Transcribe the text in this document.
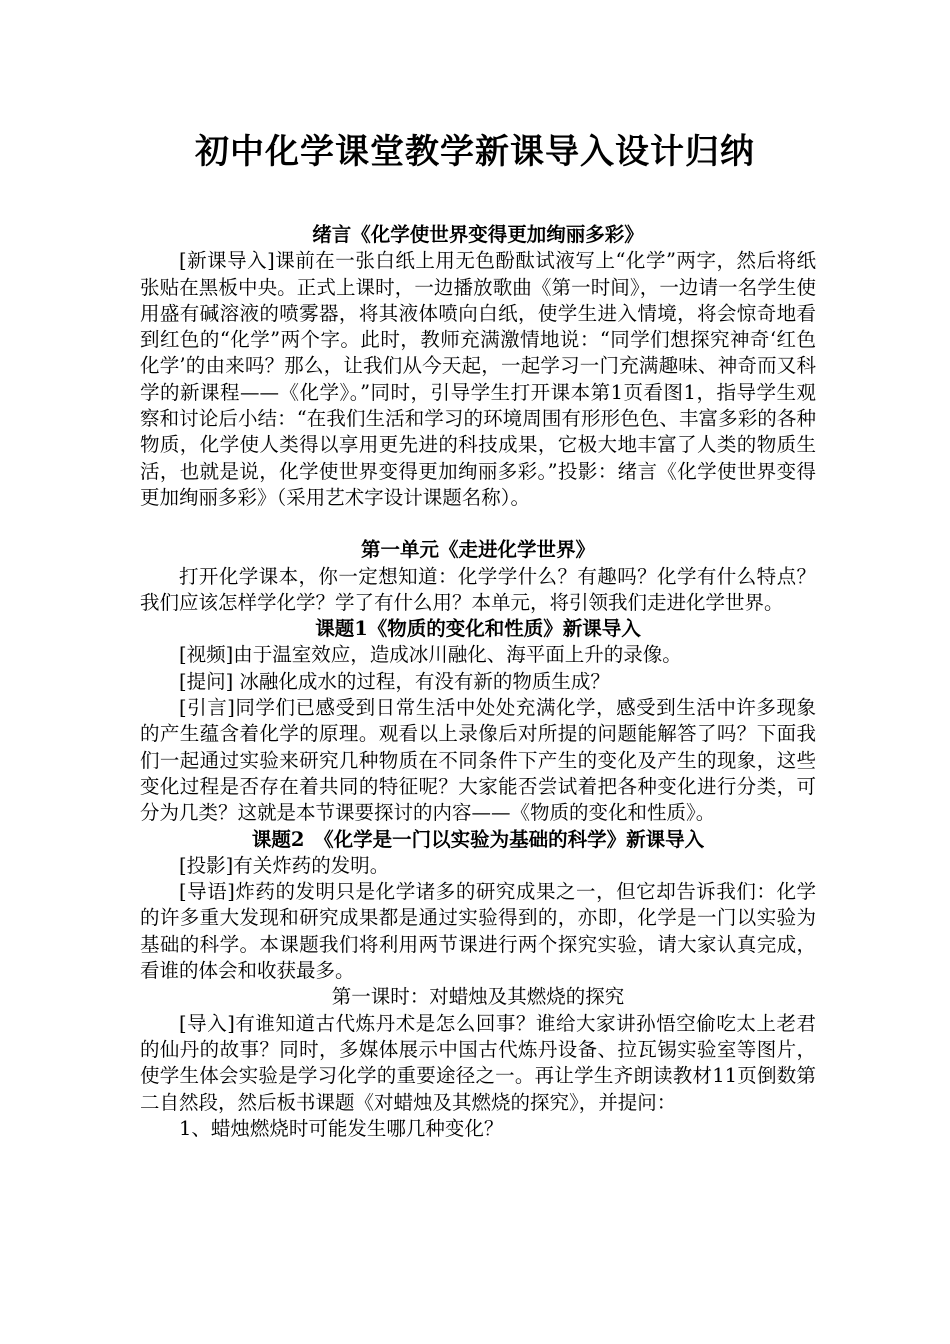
初中化学课堂教学新课导入设计归纳
绪言《化学使世界变得更加绚丽多彩》

[新课导入]课前在一张白纸上用无色酚酞试液写上“化学”两字，然后将纸张贴在黑板中央。正式上课时，一边播放歌曲《第一时间》，一边请一名学生使用盛有碱溶液的喷雾器，将其液体喷向白纸，使学生进入情境，将会惊奇地看到红色的“化学”两个字。此时，教师充满激情地说：“同学们想探究神奇‘红色化学’的由来吗？那么，让我们从今天起，一起学习一门充满趣味、神奇而又科学的新课程——《化学》。”同时，引导学生打开课本第1页看图1，指导学生观察和讨论后小结：“在我们生活和学习的环境周围有形形色色、丰富多彩的各种物质，化学使人类得以享用更先进的科技成果，它极大地丰富了人类的物质生活，也就是说，化学使世界变得更加绚丽多彩。”投影：绪言《化学使世界变得更加绚丽多彩》（采用艺术字设计课题名称）。

第一单元《走进化学世界》

打开化学课本，你一定想知道：化学学什么？有趣吗？化学有什么特点？我们应该怎样学化学？学了有什么用？本单元，将引领我们走进化学世界。

课题1《物质的变化和性质》新课导入

[视频]由于温室效应，造成冰川融化、海平面上升的录像。

[提问] 冰融化成水的过程，有没有新的物质生成？

[引言]同学们已感受到日常生活中处处充满化学，感受到生活中许多现象的产生蕴含着化学的原理。观看以上录像后对所提的问题能解答了吗？下面我们一起通过实验来研究几种物质在不同条件下产生的变化及产生的现象，这些变化过程是否存在着共同的特征呢？大家能否尝试着把各种变化进行分类，可分为几类？这就是本节课要探讨的内容——《物质的变化和性质》。

课题2　《化学是一门以实验为基础的科学》新课导入

[投影]有关炸药的发明。

[导语]炸药的发明只是化学诸多的研究成果之一，但它却告诉我们：化学的许多重大发现和研究成果都是通过实验得到的，亦即，化学是一门以实验为基础的科学。本课题我们将利用两节课进行两个探究实验，请大家认真完成，看谁的体会和收获最多。

第一课时：对蜡烛及其燃烧的探究

[导入]有谁知道古代炼丹术是怎么回事？谁给大家讲孙悟空偷吃太上老君的仙丹的故事？同时，多媒体展示中国古代炼丹设备、拉瓦锡实验室等图片，使学生体会实验是学习化学的重要途径之一。再让学生齐朗读教材11页倒数第二自然段，然后板书课题《对蜡烛及其燃烧的探究》，并提问：

1、蜡烛燃烧时可能发生哪几种变化？
